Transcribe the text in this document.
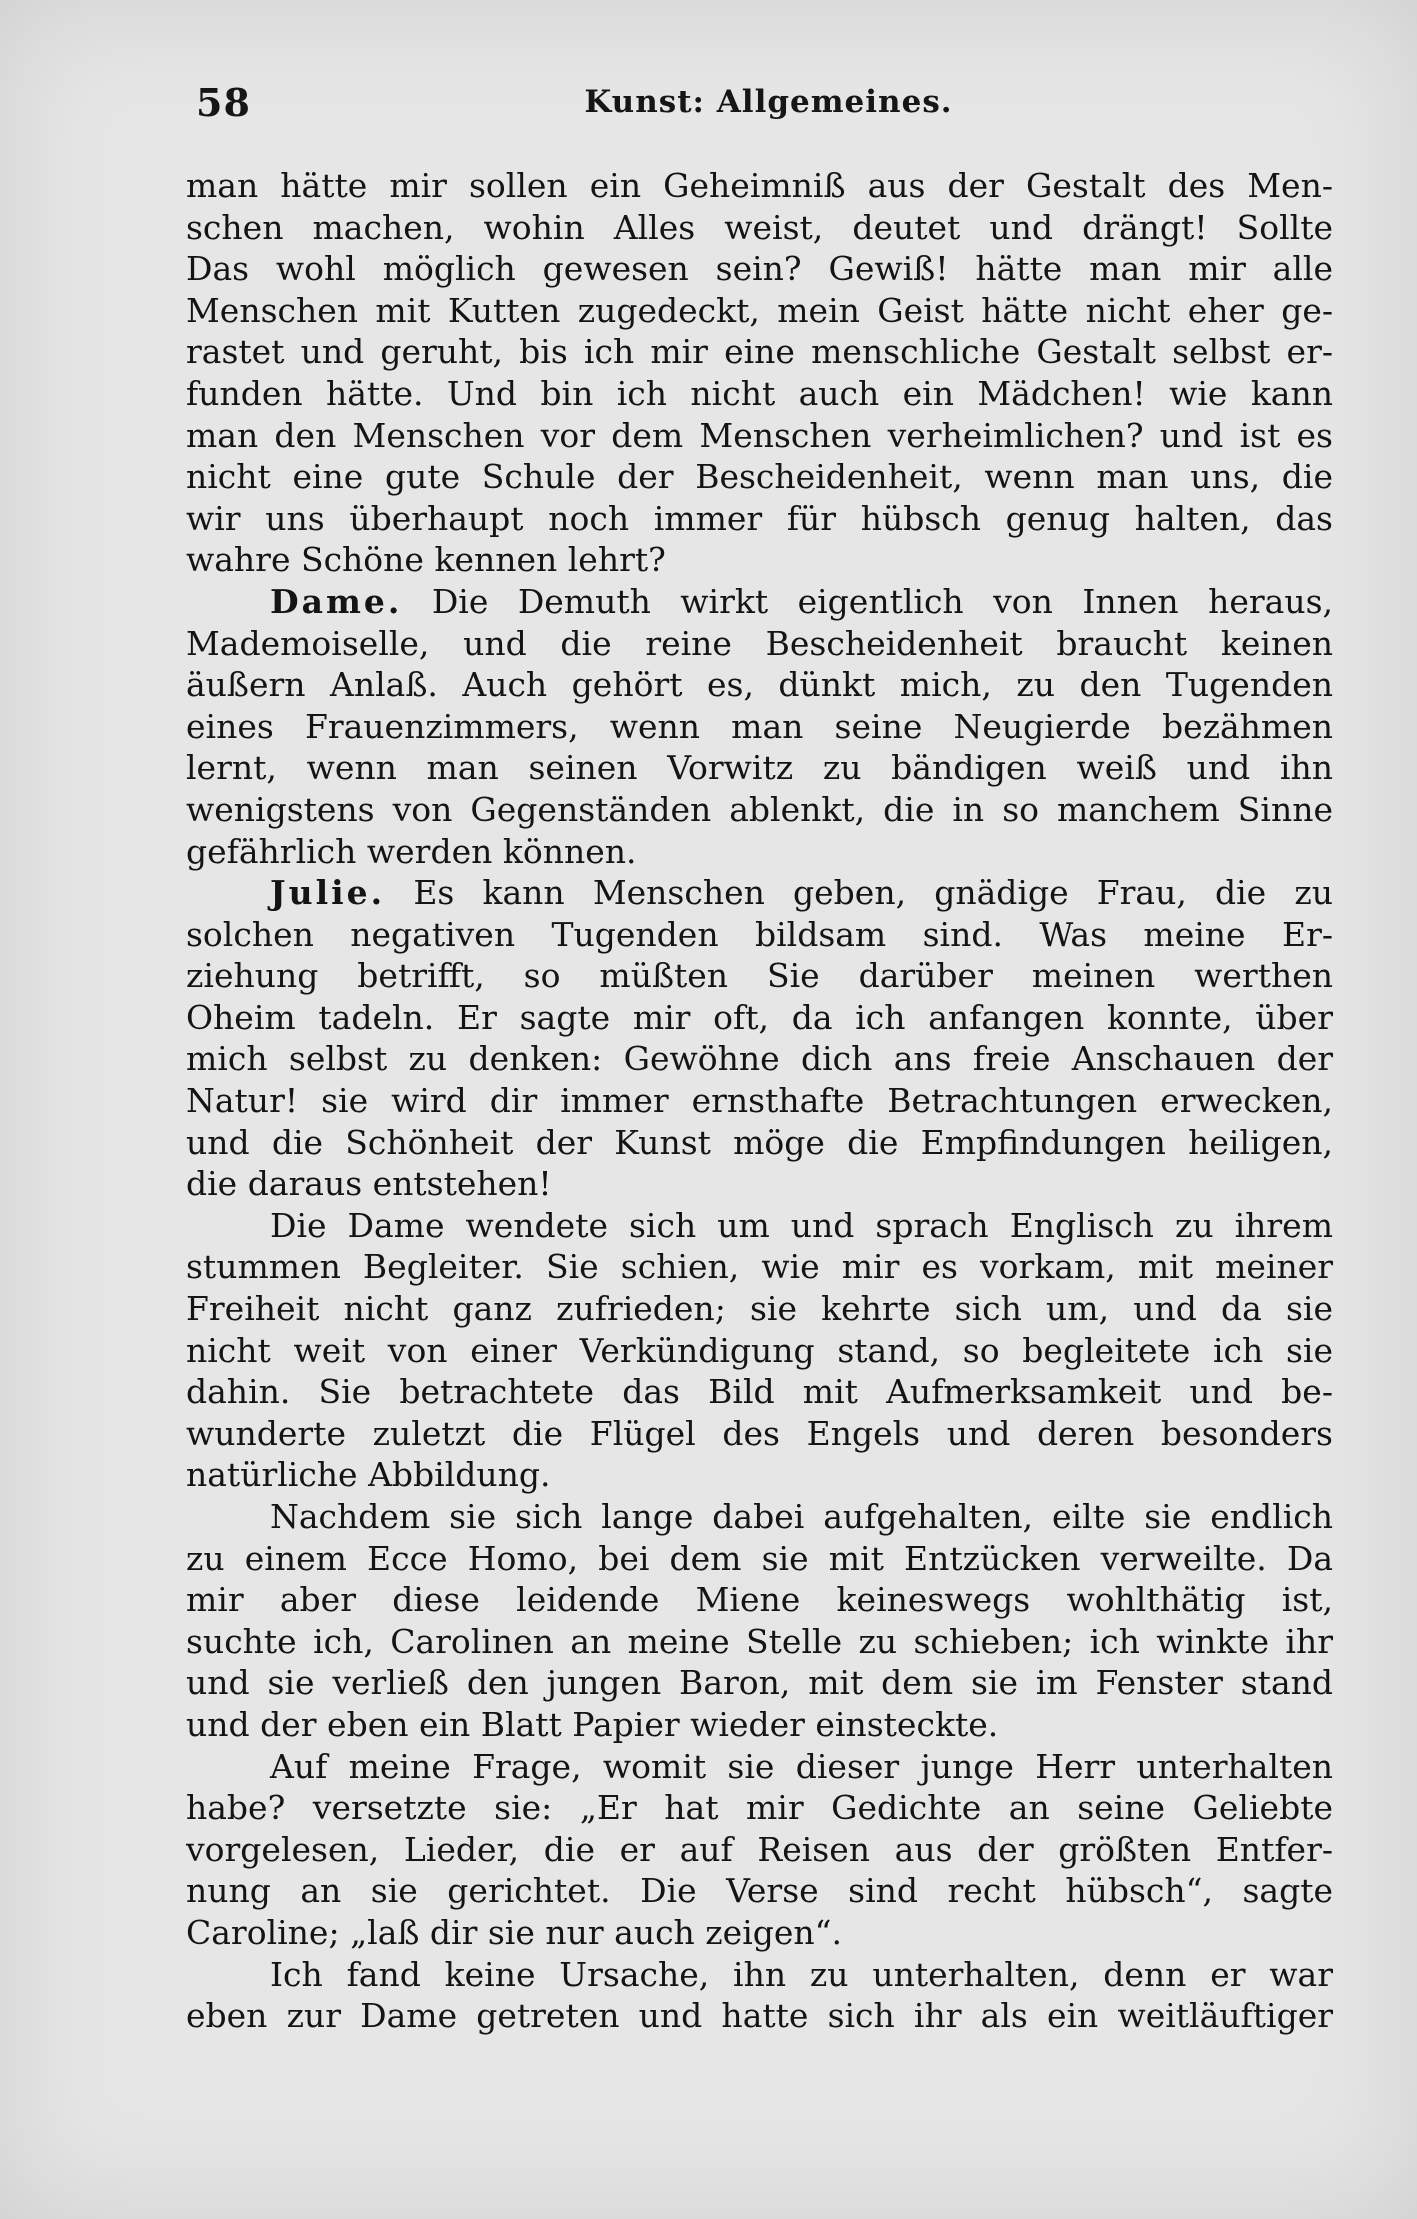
58	Kunst: Allgemeines.
man hätte mir sollen ein Geheimniß aus der Gestalt des Men-
schen machen, wohin Alles weist, deutet und drängt! Sollte
Das wohl möglich gewesen sein? Gewiß! hätte man mir alle
Menschen mit Kutten zugedeckt, mein Geist hätte nicht eher ge-
rastet und geruht, bis ich mir eine menschliche Gestalt selbst er-
funden hätte. Und bin ich nicht auch ein Mädchen! wie kann
man den Menschen vor dem Menschen verheimlichen? und ist es
nicht eine gute Schule der Bescheidenheit, wenn man uns, die
wir uns überhaupt noch immer für hübsch genug halten, das
wahre Schöne kennen lehrt?
Dame. Die Demuth wirkt eigentlich von Innen heraus,
Mademoiselle, und die reine Bescheidenheit braucht keinen
äußern Anlaß. Auch gehört es, dünkt mich, zu den Tugenden
eines Frauenzimmers, wenn man seine Neugierde bezähmen
lernt, wenn man seinen Vorwitz zu bändigen weiß und ihn
wenigstens von Gegenständen ablenkt, die in so manchem Sinne
gefährlich werden können.
Julie. Es kann Menschen geben, gnädige Frau, die zu
solchen negativen Tugenden bildsam sind. Was meine Er-
ziehung betrifft, so müßten Sie darüber meinen werthen
Oheim tadeln. Er sagte mir oft, da ich anfangen konnte, über
mich selbst zu denken: Gewöhne dich ans freie Anschauen der
Natur! sie wird dir immer ernsthafte Betrachtungen erwecken,
und die Schönheit der Kunst möge die Empfindungen heiligen,
die daraus entstehen!
Die Dame wendete sich um und sprach Englisch zu ihrem
stummen Begleiter. Sie schien, wie mir es vorkam, mit meiner
Freiheit nicht ganz zufrieden; sie kehrte sich um, und da sie
nicht weit von einer Verkündigung stand, so begleitete ich sie
dahin. Sie betrachtete das Bild mit Aufmerksamkeit und be-
wunderte zuletzt die Flügel des Engels und deren besonders
natürliche Abbildung.
Nachdem sie sich lange dabei aufgehalten, eilte sie endlich
zu einem Ecce Homo, bei dem sie mit Entzücken verweilte. Da
mir aber diese leidende Miene keineswegs wohlthätig ist,
suchte ich, Carolinen an meine Stelle zu schieben; ich winkte ihr
und sie verließ den jungen Baron, mit dem sie im Fenster stand
und der eben ein Blatt Papier wieder einsteckte.
Auf meine Frage, womit sie dieser junge Herr unterhalten
habe? versetzte sie: „Er hat mir Gedichte an seine Geliebte
vorgelesen, Lieder, die er auf Reisen aus der größten Entfer-
nung an sie gerichtet. Die Verse sind recht hübsch“, sagte
Caroline; „laß dir sie nur auch zeigen“.
Ich fand keine Ursache, ihn zu unterhalten, denn er war
eben zur Dame getreten und hatte sich ihr als ein weitläuftiger
